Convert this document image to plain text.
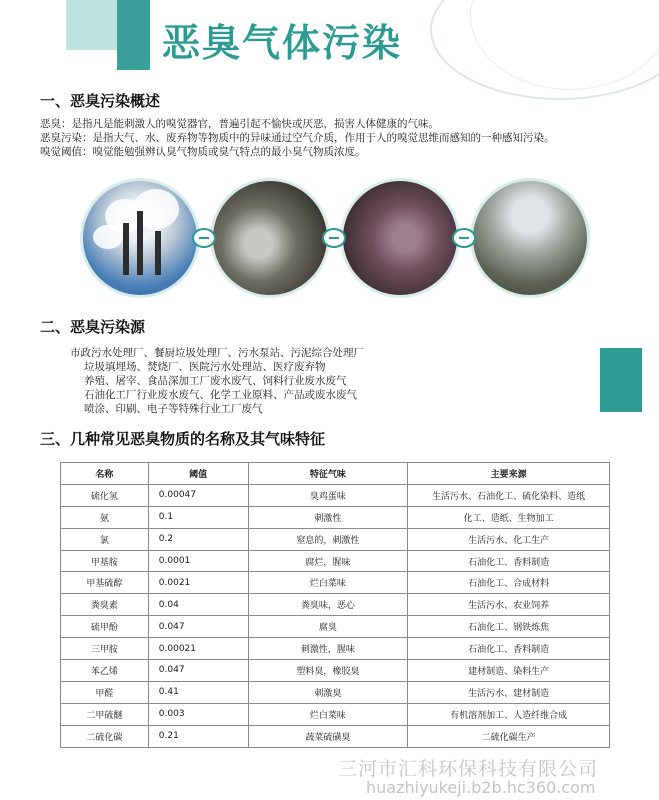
恶臭气体污染
一、恶臭污染概述
恶臭：是指凡是能刺激人的嗅觉器官，普遍引起不愉快或厌恶，损害人体健康的气味。
恶臭污染：是指大气、水、废弃物等物质中的异味通过空气介质，作用于人的嗅觉思维而感知的一种感知污染。
嗅觉阈值：嗅觉能勉强辨认臭气物质或臭气特点的最小臭气物质浓度。
二、恶臭污染源
市政污水处理厂、餐厨垃圾处理厂、污水泵站、污泥综合处理厂
垃圾填埋场、焚烧厂、医院污水处理站、医疗废弃物
养殖、屠宰、食品深加工厂废水废气、饲料行业废水废气
石油化工厂行业废水废气、化学工业原料、产品或废水废气
喷涂、印刷、电子等特殊行业工厂废气
三、几种常见恶臭物质的名称及其气味特征
名称	阈值	特征气味	主要来源
硫化氢	0.00047	臭鸡蛋味	生活污水、石油化工、硫化染料、造纸
氨	0.1	刺激性	化工、造纸、生物加工
氯	0.2	窒息的，刺激性	生活污水、化工生产
甲基胺	0.0001	腐烂，腥味	石油化工、香料制造
甲基硫醇	0.0021	烂白菜味	石油化工、合成材料
粪臭素	0.04	粪臭味，恶心	生活污水、农业饲养
硫甲酚	0.047	腐臭	石油化工、钢铁炼焦
三甲胺	0.00021	刺激性，腥味	石油化工、香料制造
苯乙烯	0.047	塑料臭，橡胶臭	建材制造、染料生产
甲醛	0.41	刺激臭	生活污水、建材制造
二甲硫醚	0.003	烂白菜味	有机溶剂加工、人造纤维合成
二硫化碳	0.21	蔬菜硫磺臭	二硫化碳生产
三河市汇科环保科技有限公司
huazhiyukeji.b2b.hc360.com
